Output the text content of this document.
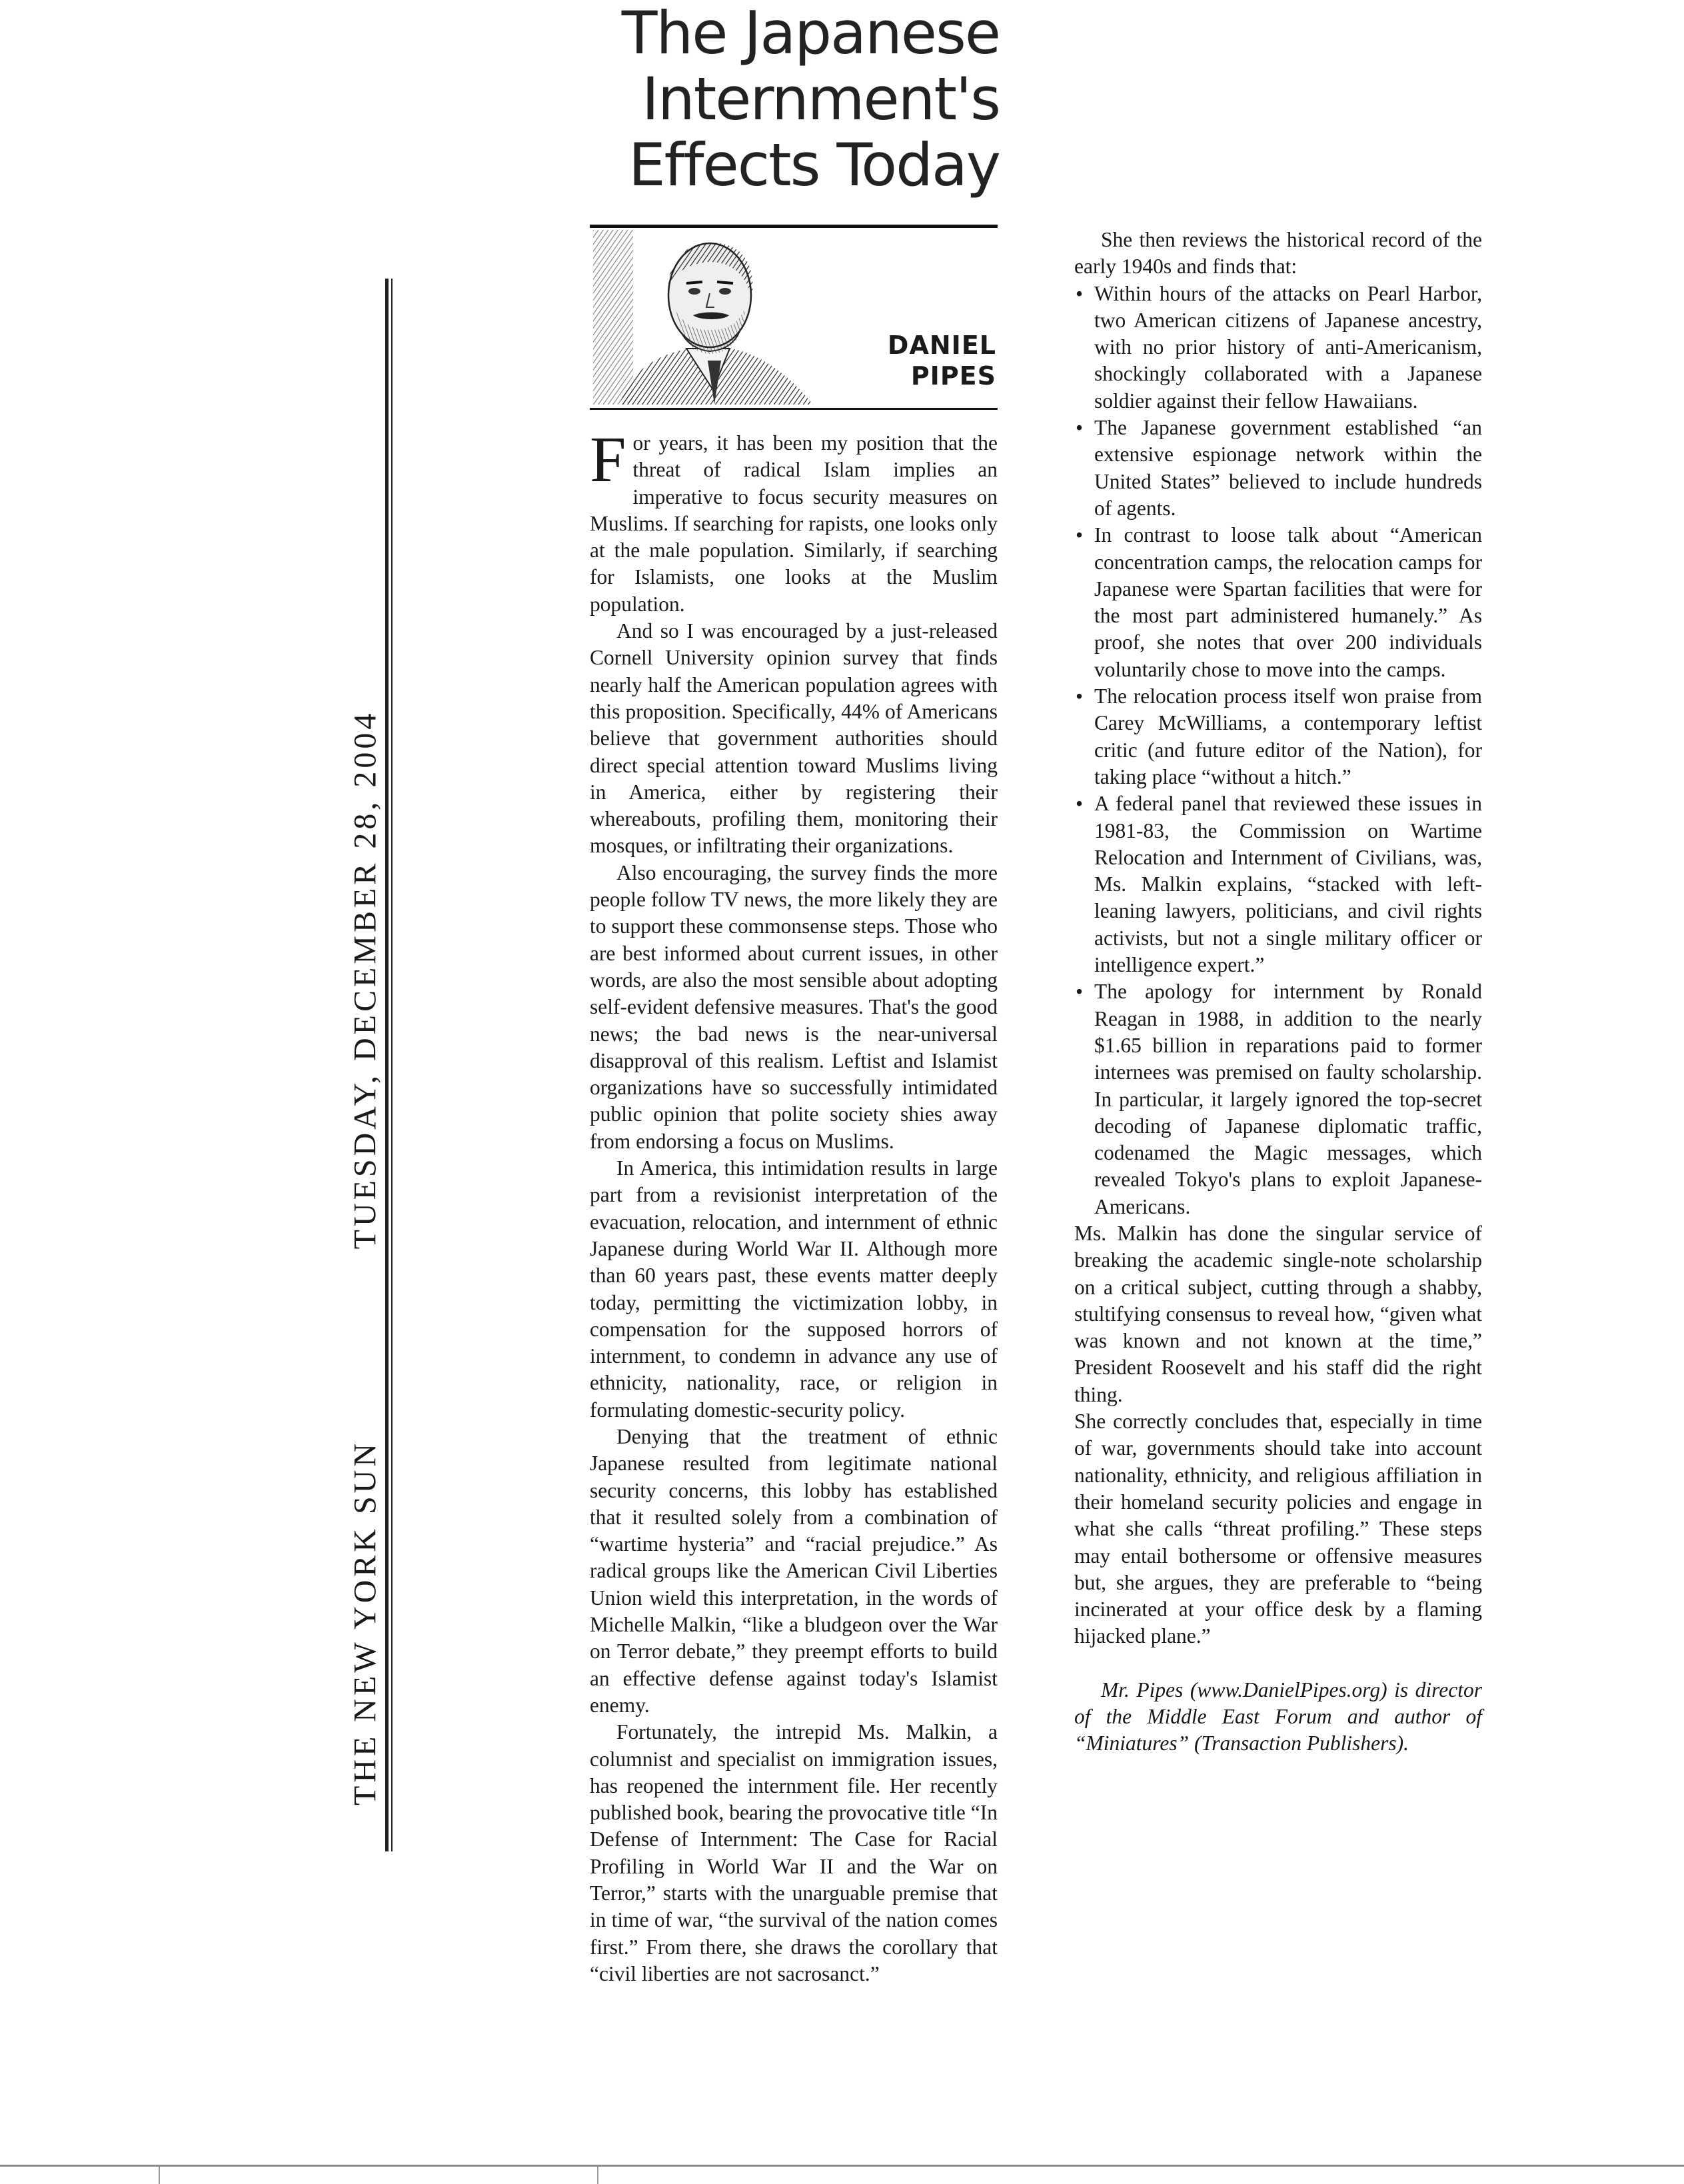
TUESDAY, DECEMBER 28, 2004
THE NEW YORK SUN
The Japanese
Internment's
Effects Today
DANIEL
PIPES

For years, it has been my position that the threat of radical Islam implies an imperative to focus security measures on Muslims. If searching for rapists, one looks only at the male population. Similarly, if searching for Islamists, one looks at the Muslim population.

And so I was encouraged by a just-released Cornell University opinion survey that finds nearly half the American population agrees with this proposition. Specifically, 44% of Americans believe that government authorities should direct special attention toward Muslims living in America, either by registering their whereabouts, profiling them, monitoring their mosques, or infiltrating their organizations.

Also encouraging, the survey finds the more people follow TV news, the more likely they are to support these commonsense steps. Those who are best informed about current issues, in other words, are also the most sensible about adopting self-evident defensive measures. That's the good news; the bad news is the near-universal disapproval of this realism. Leftist and Islamist organizations have so successfully intimidated public opinion that polite society shies away from endorsing a focus on Muslims.

In America, this intimidation results in large part from a revisionist interpretation of the evacuation, relocation, and internment of ethnic Japanese during World War II. Although more than 60 years past, these events matter deeply today, permitting the victimization lobby, in compensation for the supposed horrors of internment, to condemn in advance any use of ethnicity, nationality, race, or religion in formulating domestic-security policy.

Denying that the treatment of ethnic Japanese resulted from legitimate national security concerns, this lobby has established that it resulted solely from a combination of “wartime hysteria” and “racial prejudice.” As radical groups like the American Civil Liberties Union wield this interpretation, in the words of Michelle Malkin, “like a bludgeon over the War on Terror debate,” they preempt efforts to build an effective defense against today's Islamist enemy.

Fortunately, the intrepid Ms. Malkin, a columnist and specialist on immigration issues, has reopened the internment file. Her recently published book, bearing the provocative title “In Defense of Internment: The Case for Racial Profiling in World War II and the War on Terror,” starts with the unarguable premise that in time of war, “the survival of the nation comes first.” From there, she draws the corollary that “civil liberties are not sacrosanct.”

She then reviews the historical record of the early 1940s and finds that:

• Within hours of the attacks on Pearl Harbor, two American citizens of Japanese ancestry, with no prior history of anti-Americanism, shockingly collaborated with a Japanese soldier against their fellow Hawaiians.
• The Japanese government established “an extensive espionage network within the United States” believed to include hundreds of agents.
• In contrast to loose talk about “American concentration camps, the relocation camps for Japanese were Spartan facilities that were for the most part administered humanely.” As proof, she notes that over 200 individuals voluntarily chose to move into the camps.
• The relocation process itself won praise from Carey McWilliams, a contemporary leftist critic (and future editor of the Nation), for taking place “without a hitch.”
• A federal panel that reviewed these issues in 1981-83, the Commission on Wartime Relocation and Internment of Civilians, was, Ms. Malkin explains, “stacked with left-leaning lawyers, politicians, and civil rights activists, but not a single military officer or intelligence expert.”
• The apology for internment by Ronald Reagan in 1988, in addition to the nearly $1.65 billion in reparations paid to former internees was premised on faulty scholarship. In particular, it largely ignored the top-secret decoding of Japanese diplomatic traffic, codenamed the Magic messages, which revealed Tokyo's plans to exploit Japanese-Americans.

Ms. Malkin has done the singular service of breaking the academic single-note scholarship on a critical subject, cutting through a shabby, stultifying consensus to reveal how, “given what was known and not known at the time,” President Roosevelt and his staff did the right thing.

She correctly concludes that, especially in time of war, governments should take into account nationality, ethnicity, and religious affiliation in their homeland security policies and engage in what she calls “threat profiling.” These steps may entail bothersome or offensive measures but, she argues, they are preferable to “being incinerated at your office desk by a flaming hijacked plane.”

Mr. Pipes (www.DanielPipes.org) is director of the Middle East Forum and author of “Miniatures” (Transaction Publishers).
